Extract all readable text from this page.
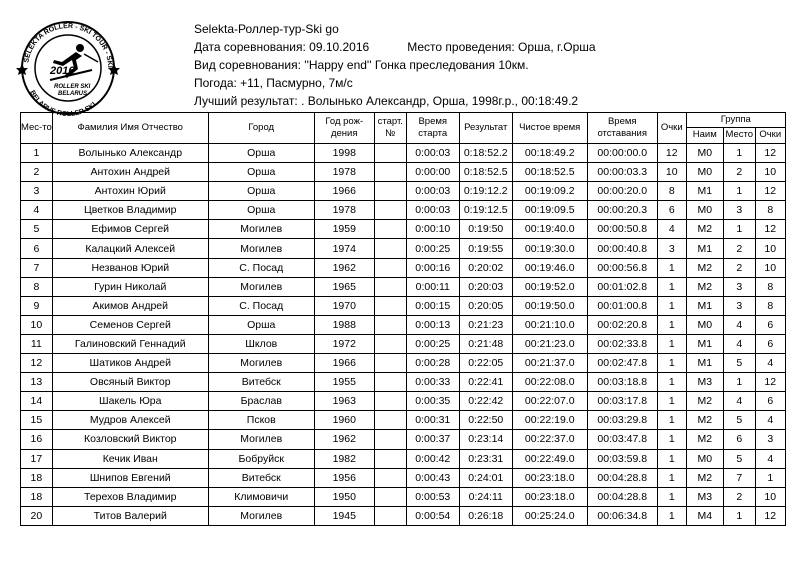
SELEKTA ROLLER - SKI TOUR - SKI
BELARUS ROLLER SKI
2016
ROLLER SKI
BELARUS
Selekta-Роллер-тур-Ski go
Дата соревнования: 09.10.2016	Место проведения: Орша, г.Орша
Вид соревнования: ''Happy end'' Гонка преследования 10км.
Погода: +11, Пасмурно, 7м/с
Лучший результат: . Волынько Александр, Орша, 1998г.р., 00:18:49.2
Мес-то	Фамилия Имя Отчество	Город	Год рож-дения	старт. №	Время старта	Результат	Чистое время	Время отставания	Очки	Группа		
										Наим	Место	Очки
1	Волынько Александр	Орша	1998		0:00:03	0:18:52.2	00:18:49.2	00:00:00.0	12	М0	1	12
2	Антохин Андрей	Орша	1978		0:00:00	0:18:52.5	00:18:52.5	00:00:03.3	10	М0	2	10
3	Антохин Юрий	Орша	1966		0:00:03	0:19:12.2	00:19:09.2	00:00:20.0	8	М1	1	12
4	Цветков Владимир	Орша	1978		0:00:03	0:19:12.5	00:19:09.5	00:00:20.3	6	М0	3	8
5	Ефимов Сергей	Могилев	1959		0:00:10	0:19:50	00:19:40.0	00:00:50.8	4	М2	1	12
6	Калацкий Алексей	Могилев	1974		0:00:25	0:19:55	00:19:30.0	00:00:40.8	3	М1	2	10
7	Незванов Юрий	С. Посад	1962		0:00:16	0:20:02	00:19:46.0	00:00:56.8	1	М2	2	10
8	Гурин Николай	Могилев	1965		0:00:11	0:20:03	00:19:52.0	00:01:02.8	1	М2	3	8
9	Акимов Андрей	С. Посад	1970		0:00:15	0:20:05	00:19:50.0	00:01:00.8	1	М1	3	8
10	Семенов Сергей	Орша	1988		0:00:13	0:21:23	00:21:10.0	00:02:20.8	1	М0	4	6
11	Галиновский Геннадий	Шклов	1972		0:00:25	0:21:48	00:21:23.0	00:02:33.8	1	М1	4	6
12	Шатиков Андрей	Могилев	1966		0:00:28	0:22:05	00:21:37.0	00:02:47.8	1	М1	5	4
13	Овсяный Виктор	Витебск	1955		0:00:33	0:22:41	00:22:08.0	00:03:18.8	1	М3	1	12
14	Шакель Юра	Браслав	1963		0:00:35	0:22:42	00:22:07.0	00:03:17.8	1	М2	4	6
15	Мудров Алексей	Псков	1960		0:00:31	0:22:50	00:22:19.0	00:03:29.8	1	М2	5	4
16	Козловский Виктор	Могилев	1962		0:00:37	0:23:14	00:22:37.0	00:03:47.8	1	М2	6	3
17	Кечик Иван	Бобруйск	1982		0:00:42	0:23:31	00:22:49.0	00:03:59.8	1	М0	5	4
18	Шнипов Евгений	Витебск	1956		0:00:43	0:24:01	00:23:18.0	00:04:28.8	1	М2	7	1
18	Терехов Владимир	Климовичи	1950		0:00:53	0:24:11	00:23:18.0	00:04:28.8	1	М3	2	10
20	Титов Валерий	Могилев	1945		0:00:54	0:26:18	00:25:24.0	00:06:34.8	1	М4	1	12
